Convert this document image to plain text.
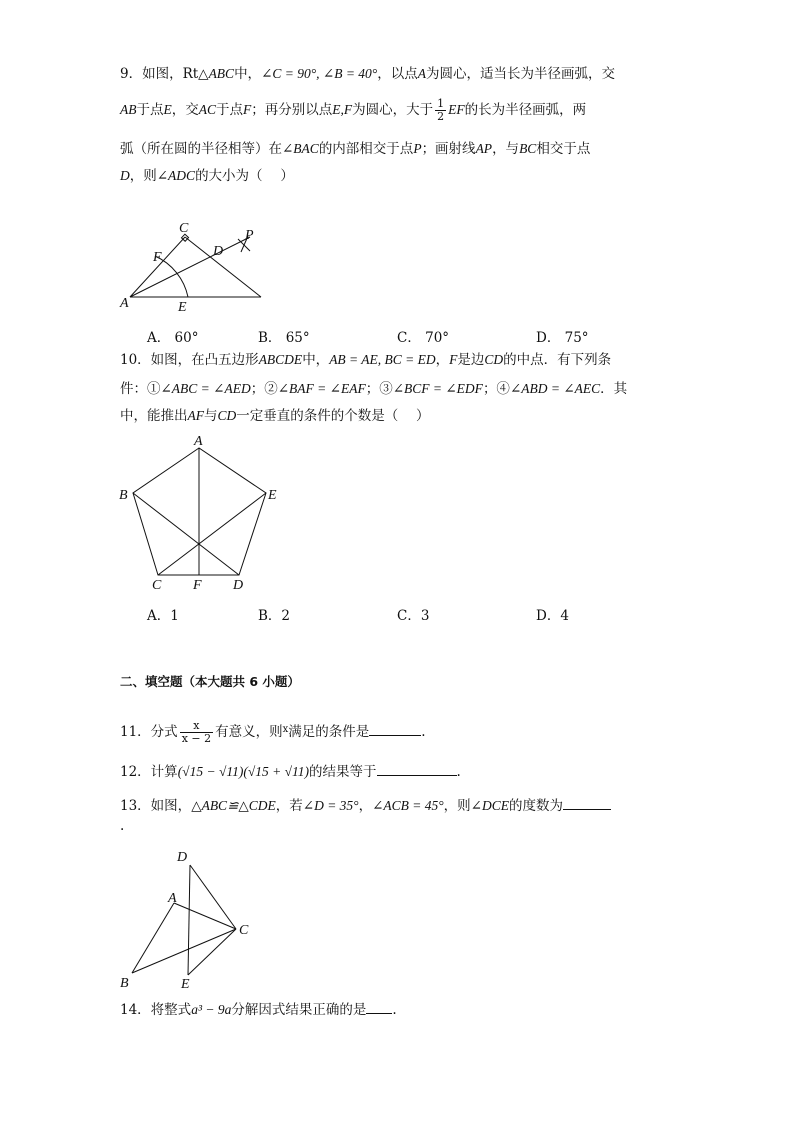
9．如图，Rt△ABC中，∠C = 90°, ∠B = 40°，以点A为圆心，适当长为半径画弧，交
AB于点E，交AC于点F；再分别以点E,F为圆心，大于 $\frac{1}{2}$ EF的长为半径画弧，两
弧（所在圆的半径相等）在∠BAC的内部相交于点P；画射线AP，与BC相交于点
D，则∠ADC的大小为（　 ）
C	P
F	D
A	E
A． 60°	B． 65°	C． 70°	D． 75°
10．如图，在凸五边形ABCDE中，AB = AE, BC = ED，F是边CD的中点．有下列条
件：①∠ABC = ∠AED；②∠BAF = ∠EAF；③∠BCF = ∠EDF；④∠ABD = ∠AEC．其
中，能推出AF与CD一定垂直的条件的个数是（　 ）
A
B	E
C F D
A．1	B．2	C．3	D．4
二、填空题（本大题共 6 小题）
11．分式 $\frac{x}{x - 2}$ 有意义，则$^x$满足的条件是	.
12．计算(√15 − √11)(√15 + √11)的结果等于	.
13．如图，△ABC≌△CDE，若∠D = 35°，∠ACB = 45°，则∠DCE的度数为
.
D
A
C
B	E
14．将整式a³ − 9a分解因式结果正确的是 .
